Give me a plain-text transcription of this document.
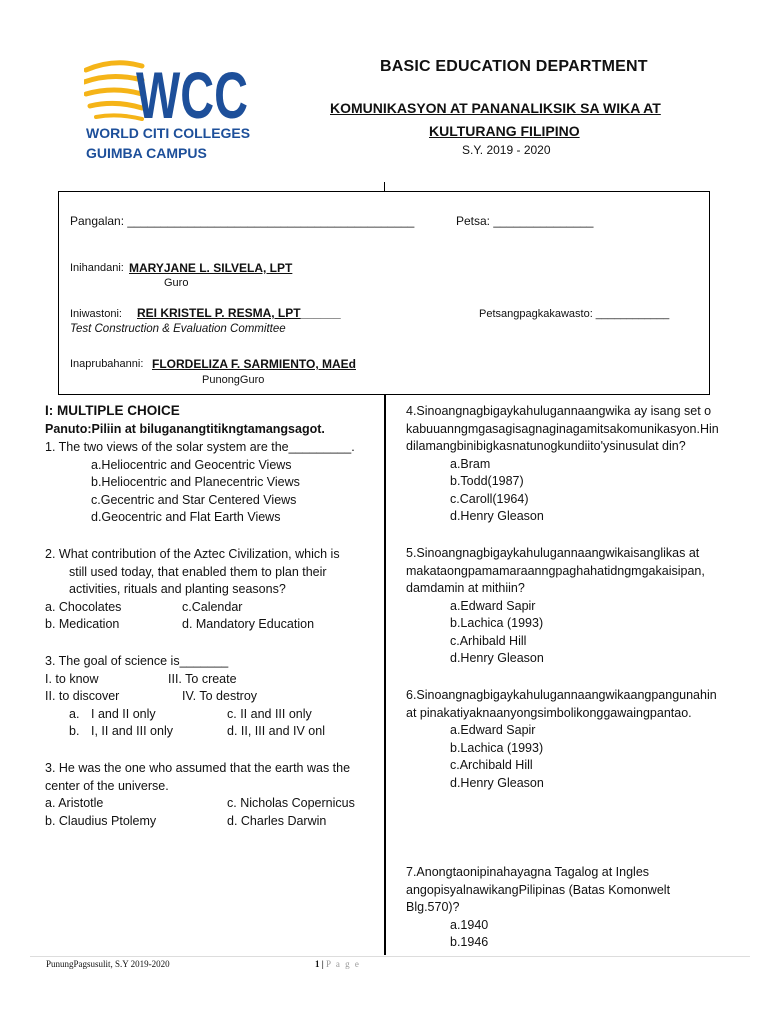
WCC
WORLD CITI COLLEGES
GUIMBA CAMPUS
BASIC EDUCATION DEPARTMENT
KOMUNIKASYON AT PANANALIKSIK SA WIKA AT
KULTURANG FILIPINO
S.Y. 2019 - 2020
Pangalan: ___________________________________________	Petsa: _______________
Inihandani: MARYJANE L. SILVELA, LPT
Guro
Iniwastoni: REI KRISTEL P. RESMA, LPT______
Test Construction & Evaluation Committee
Petsangpagkakawasto: ____________
Inaprubahanni: FLORDELIZA F. SARMIENTO, MAEd
PunongGuro
I: MULTIPLE CHOICE
Panuto:Piliin at biluganangtitikngtamangsagot.
1. The two views of the solar system are the_________.
a.Heliocentric and Geocentric Views
b.Heliocentric and Planecentric Views
c.Gecentric and Star Centered Views
d.Geocentric and Flat Earth Views
2. What contribution of the Aztec Civilization, which is
still used today, that enabled them to plan their
activities, rituals and planting seasons?
a. Chocolates	c.Calendar
b. Medication	d. Mandatory Education
3. The goal of science is_______
I. to know	III. To create
II. to discover	IV. To destroy
a. I and II only	c. II and III only
b. I, II and III only	d. II, III and IV onl
3. He was the one who assumed that the earth was the
center of the universe.
a. Aristotle	c. Nicholas Copernicus
b. Claudius Ptolemy	d. Charles Darwin
4.Sinoangnagbigaykahulugannaangwika ay isang set o
kabuuanngmgasagisagnaginagamitsakomunikasyon.Hin
dilamangbinibigkasnatunogkundiito'ysinusulat din?
a.Bram
b.Todd(1987)
c.Caroll(1964)
d.Henry Gleason
5.Sinoangnagbigaykahulugannaangwikaisanglikas at
makataongpamamaraanngpaghahatidngmgakaisipan,
damdamin at mithiin?
a.Edward Sapir
b.Lachica (1993)
c.Arhibald Hill
d.Henry Gleason
6.Sinoangnagbigaykahulugannaangwikaangpangunahin
at pinakatiyaknaanyongsimbolikonggawaingpantao.
a.Edward Sapir
b.Lachica (1993)
c.Archibald Hill
d.Henry Gleason
7.Anongtaonipinahayagna Tagalog at Ingles
angopisyalnawikangPilipinas (Batas Komonwelt
Blg.570)?
a.1940
b.1946
PunungPagsusulit, S.Y 2019-2020	1 | P a g e
